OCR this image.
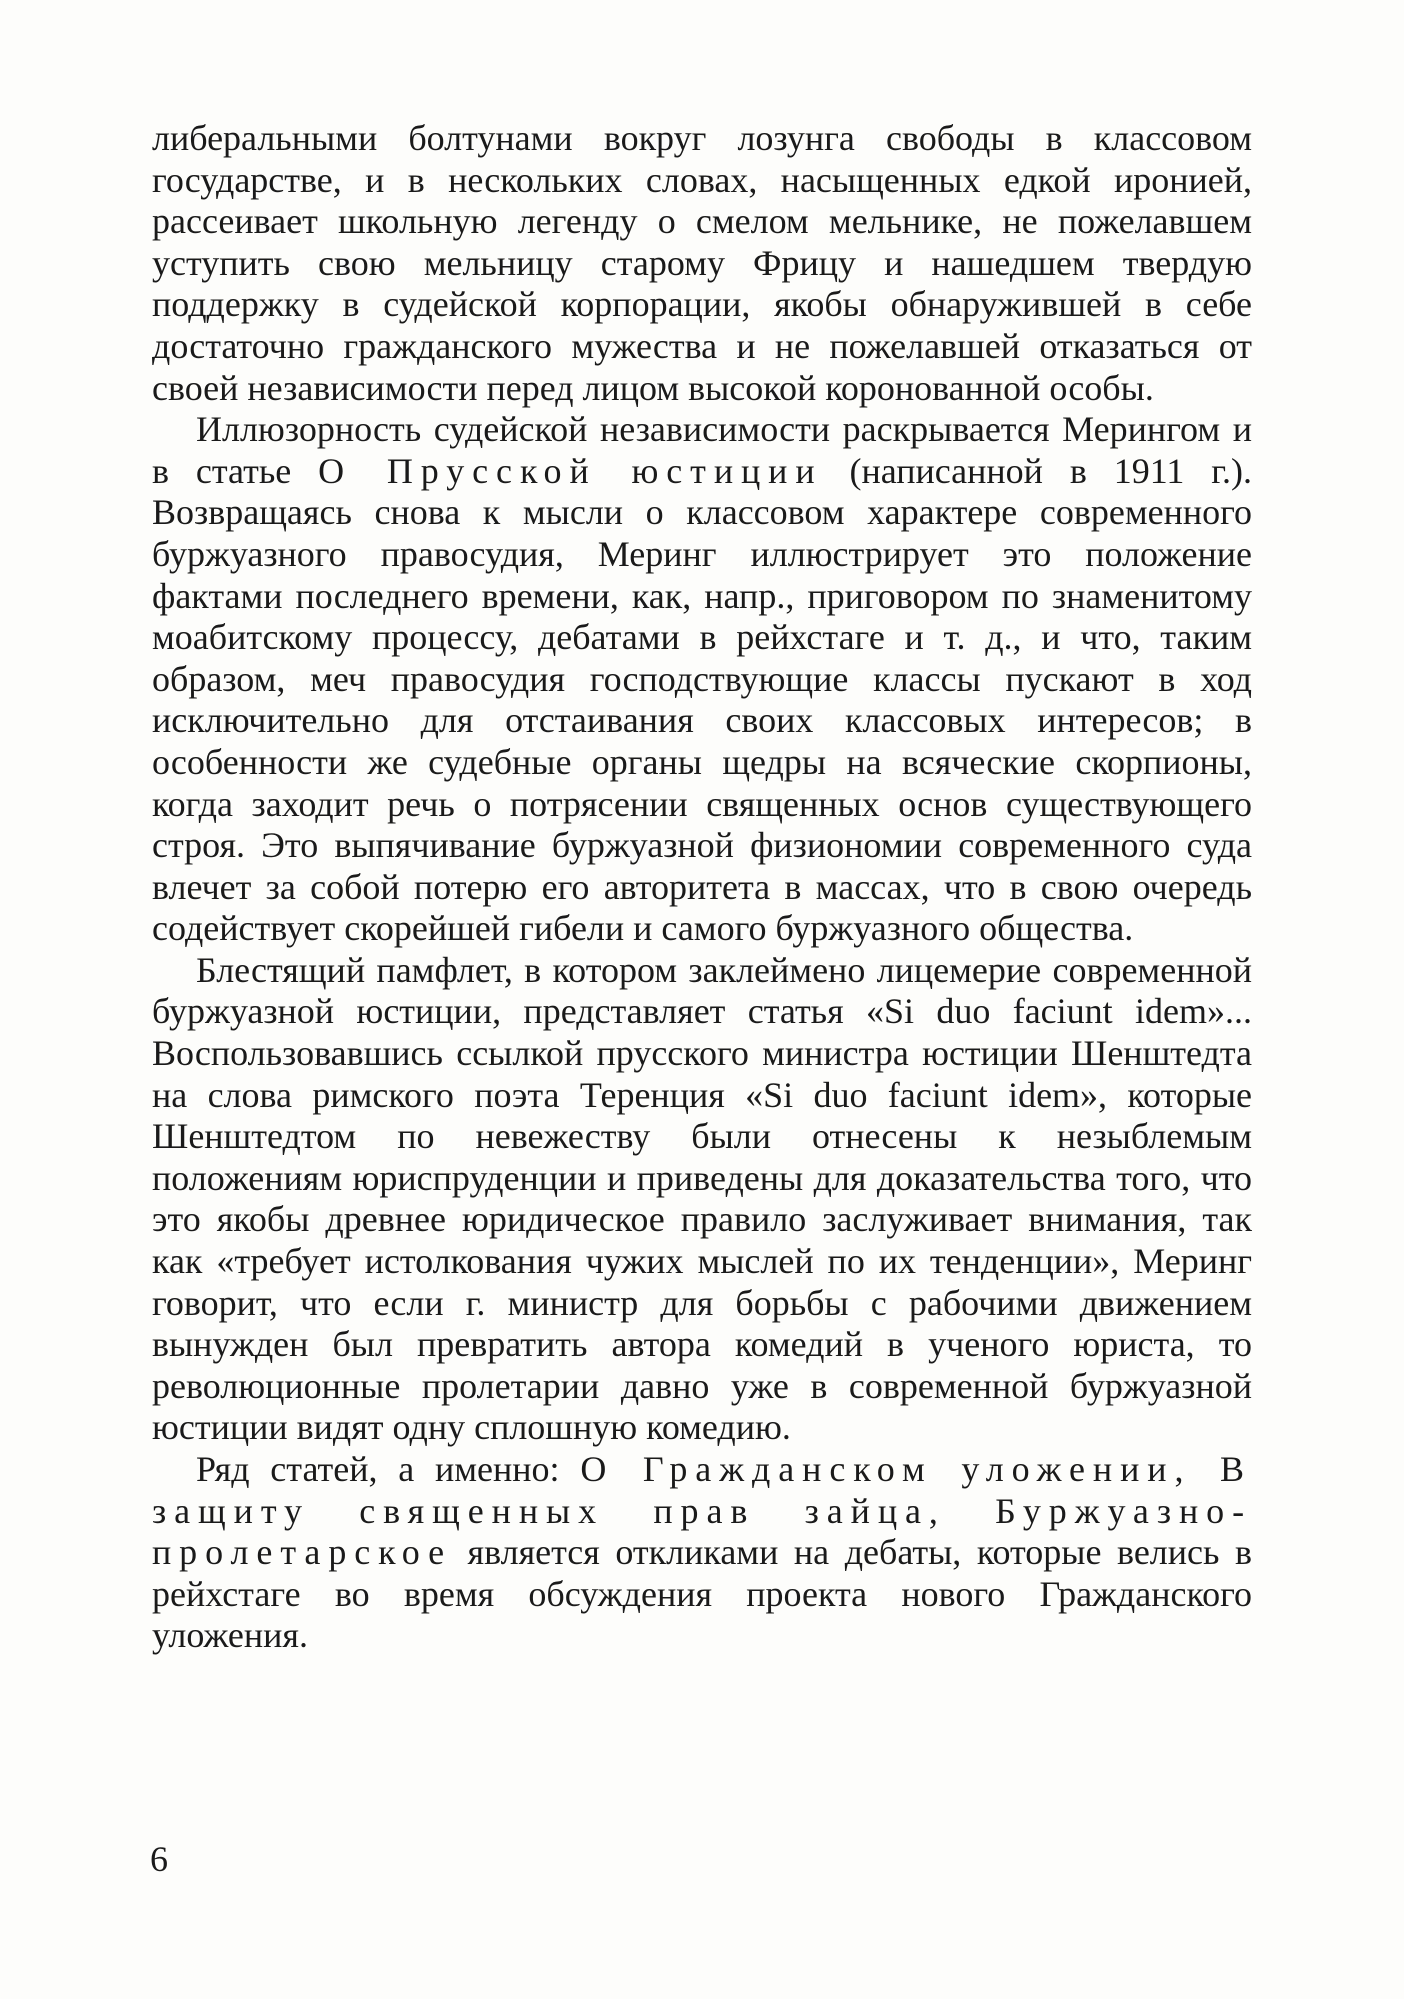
либеральными болтунами вокруг лозунга свободы в классовом государстве, и в нескольких словах, насыщенных едкой иронией, рассеивает школьную легенду о смелом мельнике, не пожелавшем уступить свою мельницу старому Фрицу и нашедшем твердую поддержку в судейской корпорации, якобы обнаружившей в себе достаточно гражданского мужества и не пожелавшей отказаться от своей независимости перед лицом высокой коронованной особы.

Иллюзорность судейской независимости раскрывается Мерингом и в статье О Прусской юстиции (написанной в 1911 г.). Возвращаясь снова к мысли о классовом характере современного буржуазного правосудия, Меринг иллюстрирует это положение фактами последнего времени, как, напр., приговором по знаменитому моабитскому процессу, дебатами в рейхстаге и т. д., и что, таким образом, меч правосудия господствующие классы пускают в ход исключительно для отстаивания своих классовых интересов; в особенности же судебные органы щедры на всяческие скорпионы, когда заходит речь о потрясении священных основ существующего строя. Это выпячивание буржуазной физиономии современного суда влечет за собой потерю его авторитета в массах, что в свою очередь содействует скорейшей гибели и самого буржуазного общества.

Блестящий памфлет, в котором заклеймено лицемерие современной буржуазной юстиции, представляет статья «Si duo faciunt idem»... Воспользовавшись ссылкой прусского министра юстиции Шенштедта на слова римского поэта Теренция «Si duo faciunt idem», которые Шенштедтом по невежеству были отнесены к незыблемым положениям юриспруденции и приведены для доказательства того, что это якобы древнее юридическое правило заслуживает внимания, так как «требует истолкования чужих мыслей по их тенденции», Меринг говорит, что если г. министр для борьбы с рабочими движением вынужден был превратить автора комедий в ученого юриста, то революционные пролетарии давно уже в современной буржуазной юстиции видят одну сплошную комедию.

Ряд статей, а именно: О Гражданском уложении, В защиту священных прав зайца, Буржуазно-пролетарское является откликами на дебаты, которые велись в рейхстаге во время обсуждения проекта нового Гражданского уложения.

6
